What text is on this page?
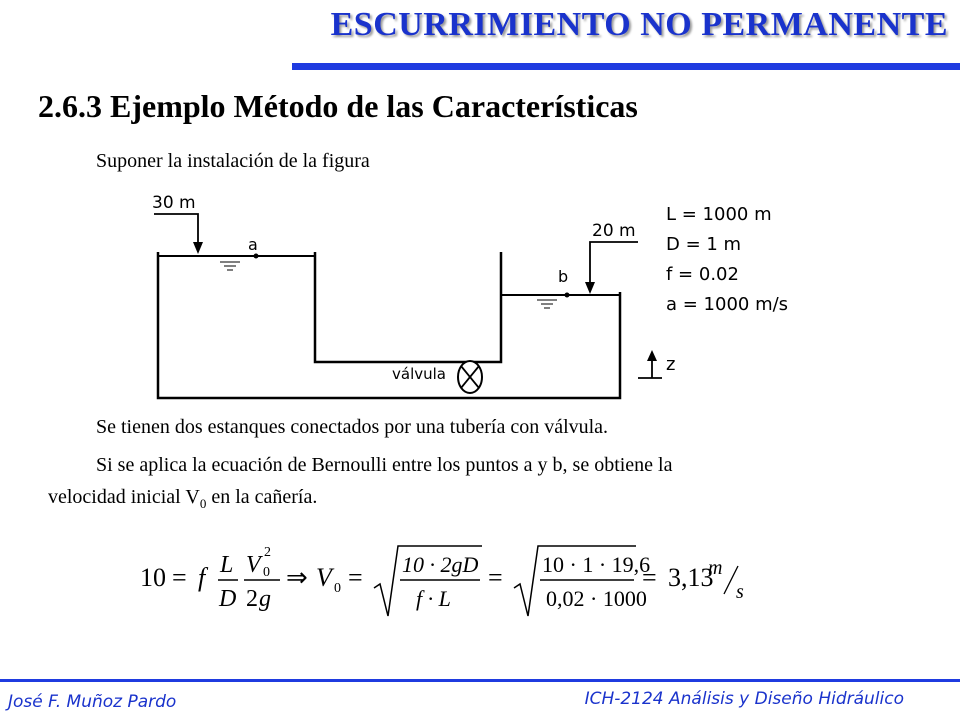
ESCURRIMIENTO NO PERMANENTE
2.6.3 Ejemplo Método de las Características
Suponer la instalación de la figura
a
b
30 m
20 m
válvula	z
L = 1000 m
D = 1 m
f = 0.02
a = 1000 m/s
Se tienen dos estanques conectados por una tubería con válvula.
Si se aplica la ecuación de Bernoulli entre los puntos a y b, se obtiene la
velocidad inicial $V_0$ en la cañería.
10 = f L
D
V 0
2
2 g
⇒ V 0 = 10 · 2gD
f · L
= 10 · 1 · 19,6
0,02 · 1000
= 3,13
m
s
José F. Muñoz Pardo	ICH-2124 Análisis y Diseño Hidráulico
